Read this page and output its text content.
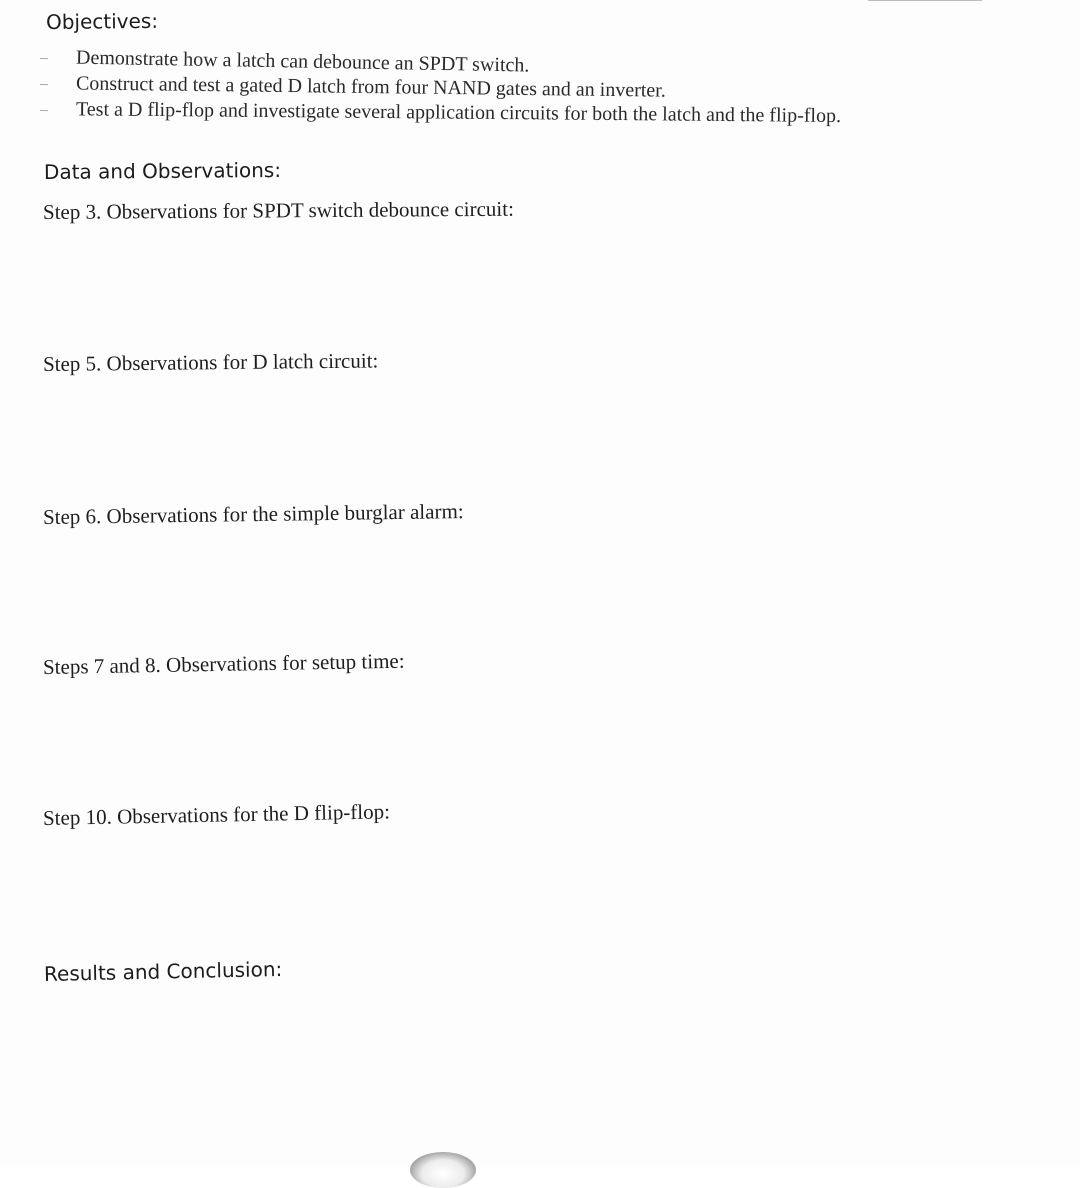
Objectives:
Demonstrate how a latch can debounce an SPDT switch.
Construct and test a gated D latch from four NAND gates and an inverter.
Test a D flip-flop and investigate several application circuits for both the latch and the flip-flop.
Data and Observations:
Step 3. Observations for SPDT switch debounce circuit:
Step 5. Observations for D latch circuit:
Step 6. Observations for the simple burglar alarm:
Steps 7 and 8. Observations for setup time:
Step 10. Observations for the D flip-flop:
Results and Conclusion:
